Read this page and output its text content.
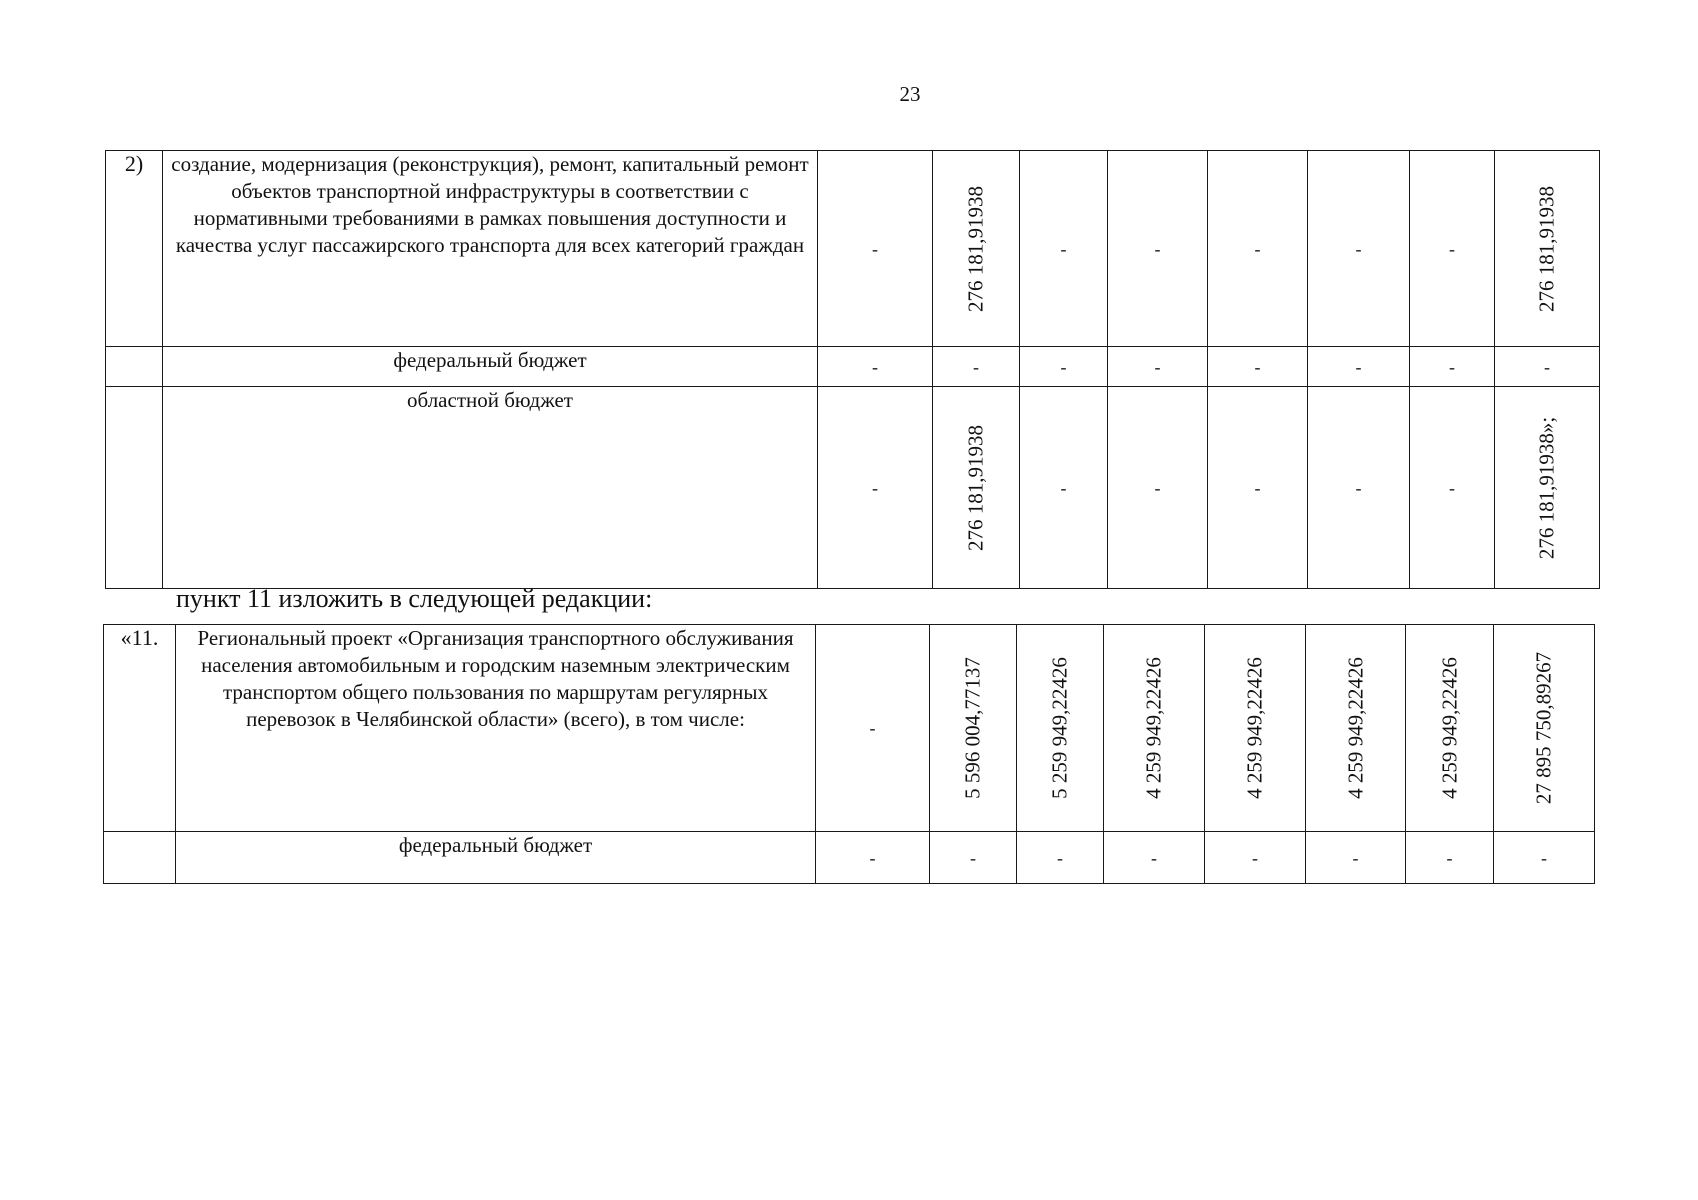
23
2)	создание, модернизация (реконструкция), ремонт, капитальный ремонт объектов транспортной инфраструктуры в соответствии с нормативными требованиями в рамках повышения доступности и качества услуг пассажирского транспорта для всех категорий граждан	-	276 181,91938	-	-	-	-	-	276 181,91938

	федеральный бюджет	-	-	-	-	-	-	-	-

	областной бюджет	-	276 181,91938	-	-	-	-	-	276 181,91938»;
пункт 11 изложить в следующей редакции:
«11.	Региональный проект «Организация транспортного обслуживания населения автомобильным и городским наземным электрическим транспортом общего пользования по маршрутам регулярных перевозок в Челябинской области» (всего), в том числе:	-	5 596 004,77137	5 259 949,22426	4 259 949,22426	4 259 949,22426	4 259 949,22426	4 259 949,22426	27 895 750,89267

	федеральный бюджет	-	-	-	-	-	-	-	-
